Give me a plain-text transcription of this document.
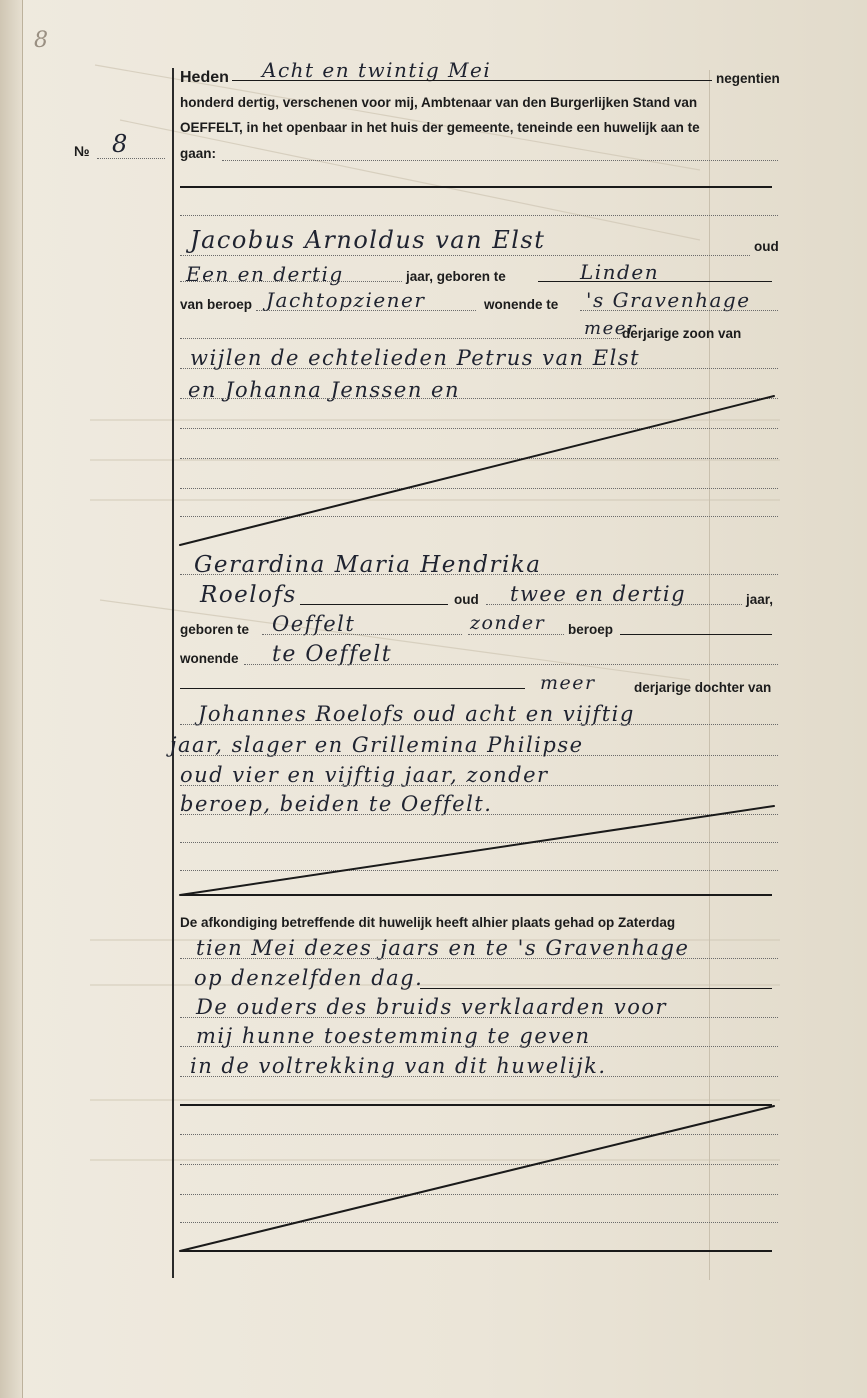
8
№ 8
Heden Acht en twintig Mei	negentien
honderd dertig, verschenen voor mij, Ambtenaar van den Burgerlijken Stand van
OEFFELT, in het openbaar in het huis der gemeente, teneinde een huwelijk aan te
gaan:
Jacobus Arnoldus van Elst	oud
Een en dertig	jaar, geboren te	Linden
van beroep Jachtopziener	wonende te 's Gravenhage
meer
derjarige zoon van
wijlen de echtelieden Petrus van Elst
en Johanna Jenssen en
Gerardina Maria Hendrika
Roelofs	oud twee en dertig	jaar,
geboren te Oeffelt	zonder beroep
wonende te Oeffelt
meer	derjarige dochter van
Johannes Roelofs oud acht en vijftig
jaar, slager en Grillemina Philipse
oud vier en vijftig jaar, zonder
beroep, beiden te Oeffelt.
De afkondiging betreffende dit huwelijk heeft alhier plaats gehad op Zaterdag
tien Mei dezes jaars en te 's Gravenhage
op denzelfden dag.
De ouders des bruids verklaarden voor
mij hunne toestemming te geven
in de voltrekking van dit huwelijk.
